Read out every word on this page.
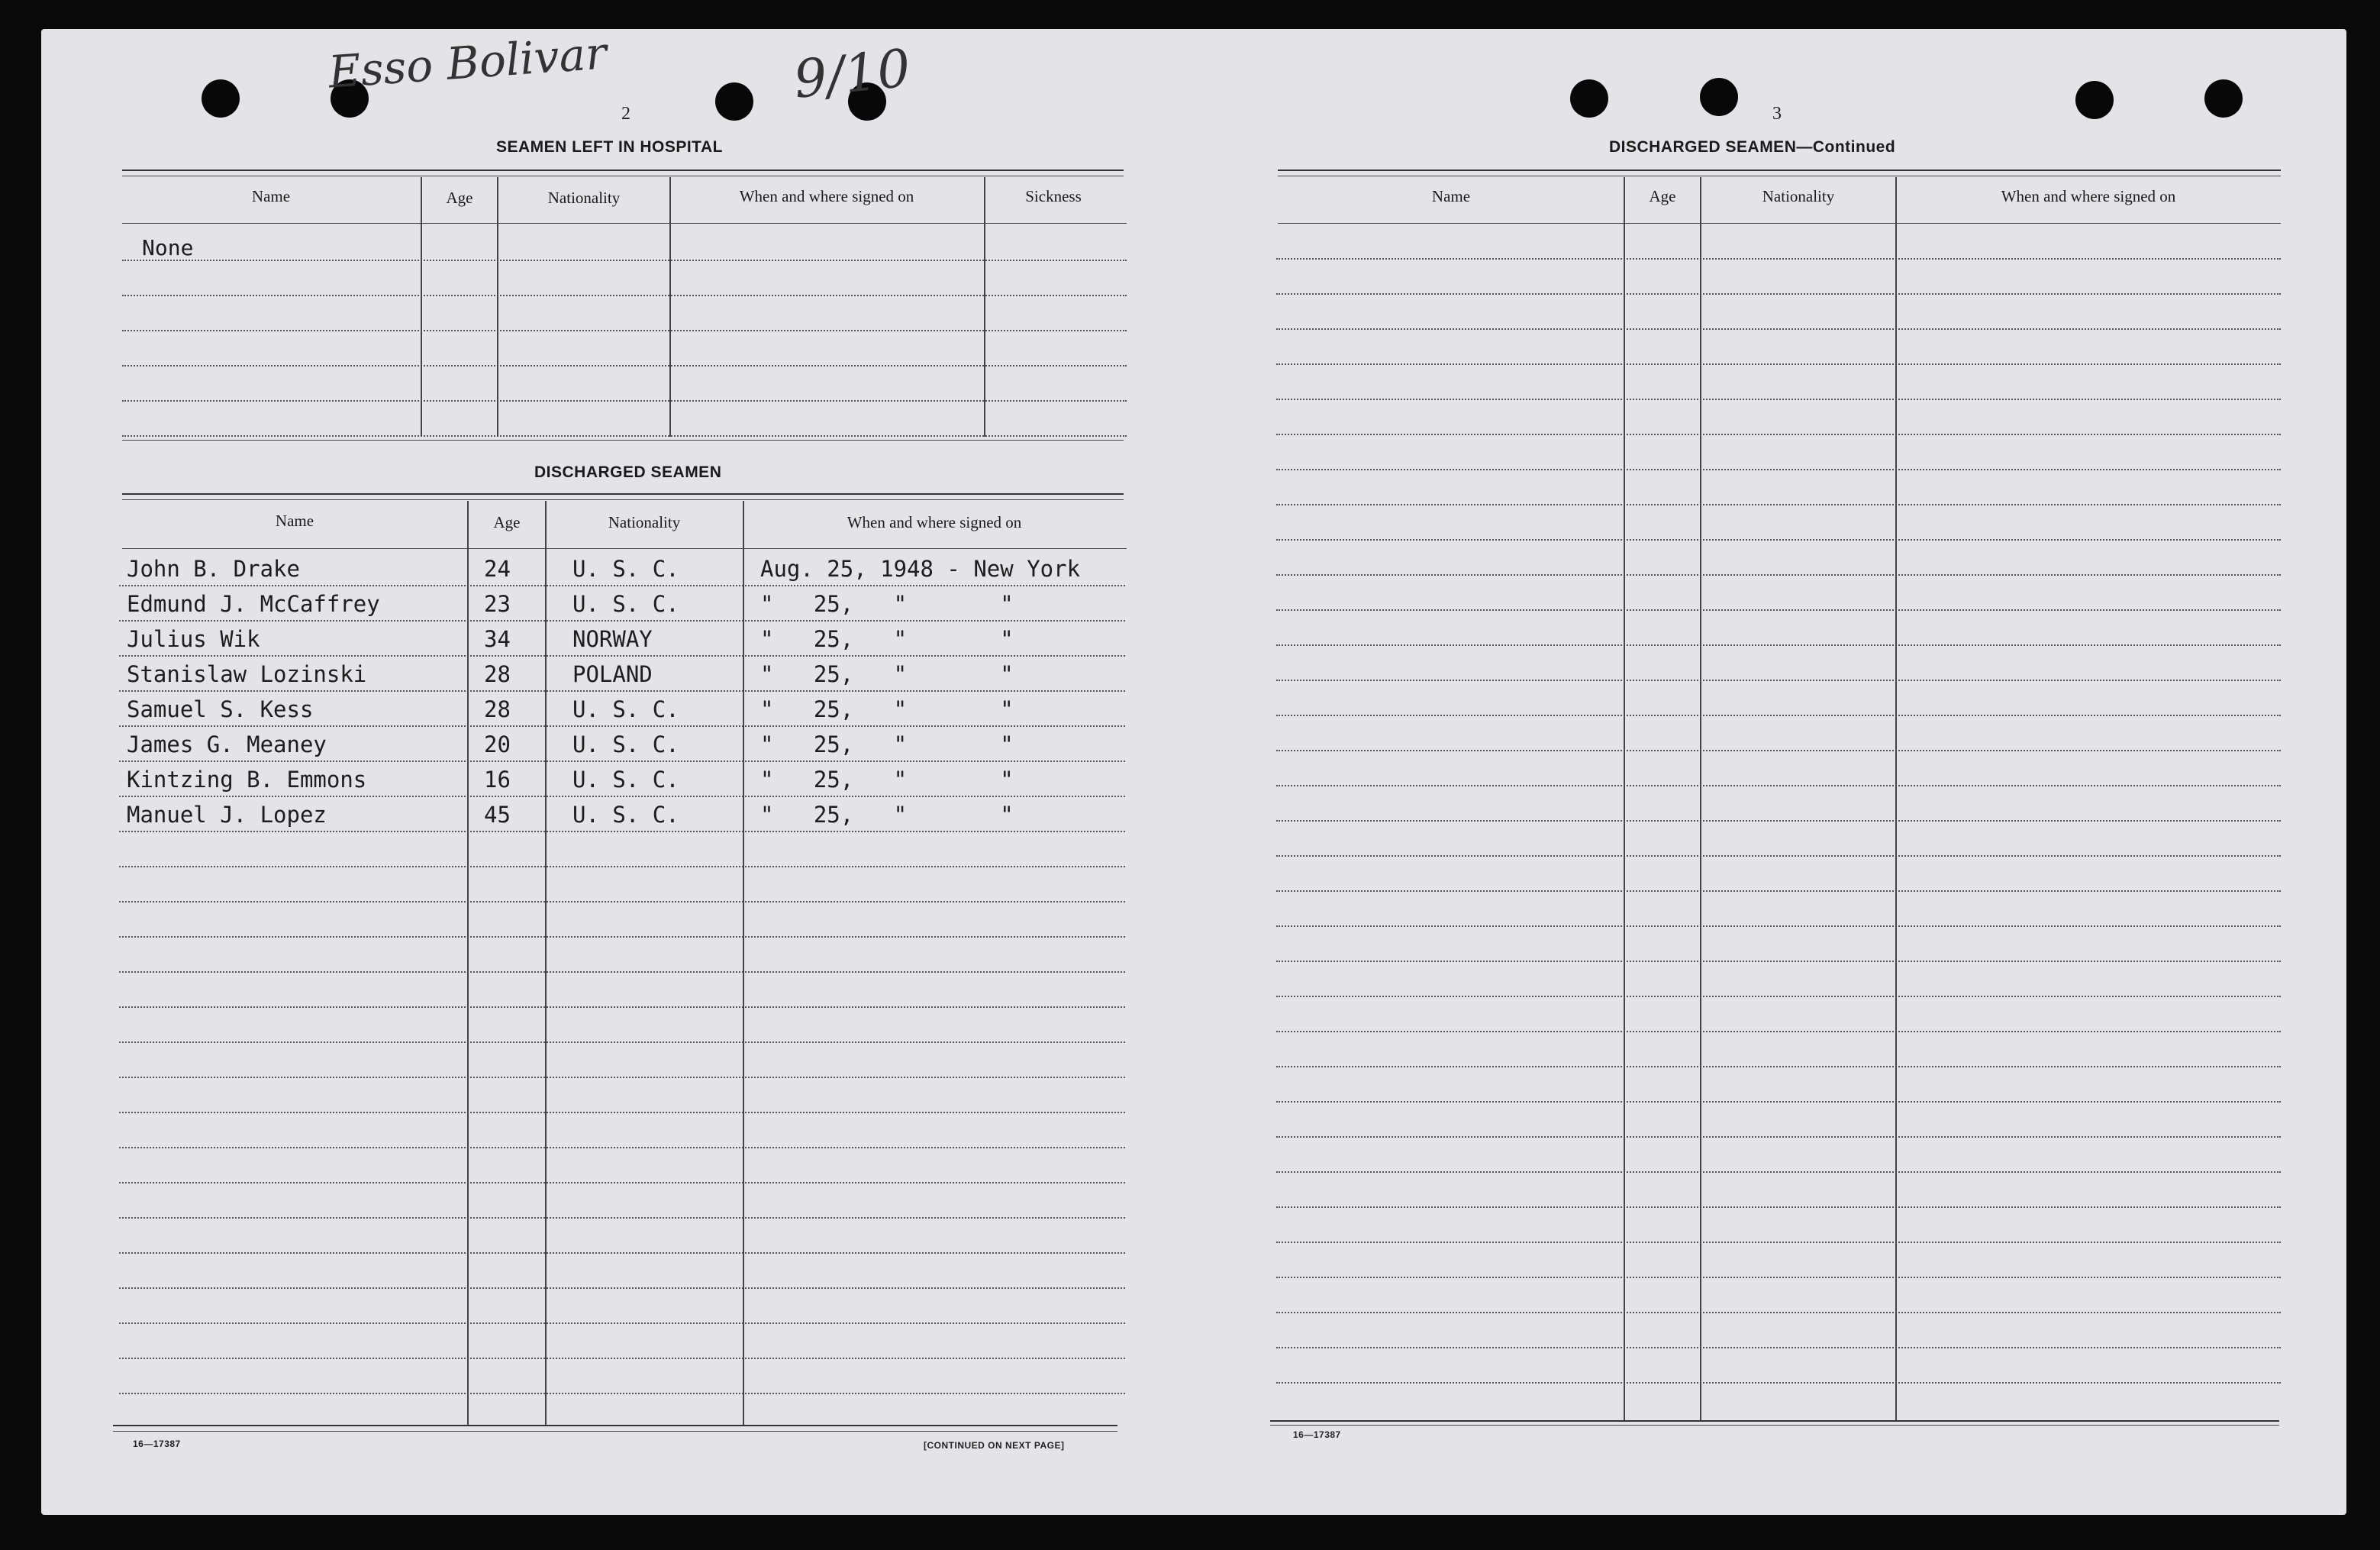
Esso Bolivar	9/10
2
SEAMEN LEFT IN HOSPITAL
Name	Age	Nationality	When and where signed on	Sickness
None
DISCHARGED SEAMEN
Name	Age	Nationality	When and where signed on
John B. Drake	24	U. S. C.	Aug. 25, 1948 - New York
Edmund J. McCaffrey	23	U. S. C.	"   25,   "       "
Julius Wik	34	NORWAY	"   25,   "       "
Stanislaw Lozinski	28	POLAND	"   25,   "       "
Samuel S. Kess	28	U. S. C.	"   25,   "       "
James G. Meaney	20	U. S. C.	"   25,   "       "
Kintzing B. Emmons	16	U. S. C.	"   25,   "       "
Manuel J. Lopez	45	U. S. C.	"   25,   "       "
16—17387	[CONTINUED ON NEXT PAGE]
3
DISCHARGED SEAMEN—Continued
Name	Age	Nationality	When and where signed on
16—17387
